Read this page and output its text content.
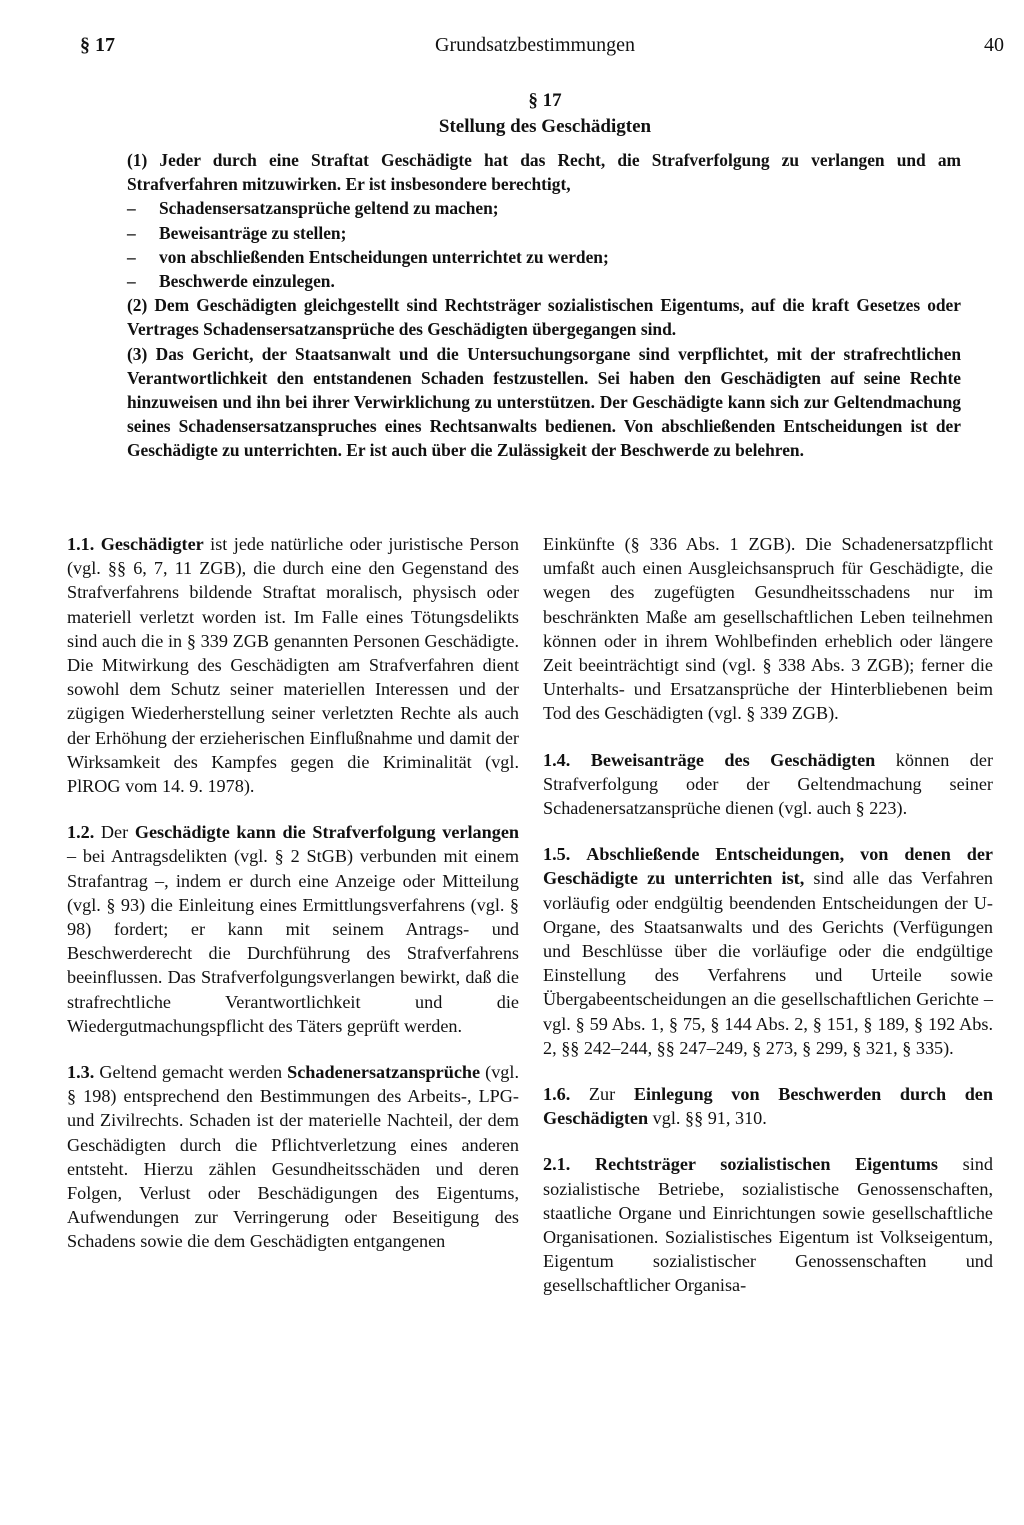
§ 17	Grundsatzbestimmungen	40
§ 17
Stellung des Geschädigten

(1) Jeder durch eine Straftat Geschädigte hat das Recht, die Strafverfolgung zu verlangen und am Strafverfahren mitzuwirken. Er ist insbesondere berechtigt,

–	Schadensersatzansprüche geltend zu machen;
–	Beweisanträge zu stellen;
–	von abschließenden Entscheidungen unterrichtet zu werden;
–	Beschwerde einzulegen.

(2) Dem Geschädigten gleichgestellt sind Rechtsträger sozialistischen Eigentums, auf die kraft Gesetzes oder Vertrages Schadensersatzansprüche des Geschädigten übergegangen sind.

(3) Das Gericht, der Staatsanwalt und die Untersuchungsorgane sind verpflichtet, mit der strafrechtlichen Verantwortlichkeit den entstandenen Schaden festzustellen. Sei haben den Geschädigten auf seine Rechte hinzuweisen und ihn bei ihrer Verwirklichung zu unterstützen. Der Geschädigte kann sich zur Geltendmachung seines Schadensersatzanspruches eines Rechtsanwalts bedienen. Von abschließenden Entscheidungen ist der Geschädigte zu unterrichten. Er ist auch über die Zulässigkeit der Beschwerde zu belehren.

1.1. Geschädigter ist jede natürliche oder juristische Person (vgl. §§ 6, 7, 11 ZGB), die durch eine den Gegenstand des Strafverfahrens bildende Straftat moralisch, physisch oder materiell verletzt worden ist. Im Falle eines Tötungsdelikts sind auch die in § 339 ZGB genannten Personen Geschädigte. Die Mitwirkung des Geschädigten am Strafverfahren dient sowohl dem Schutz seiner materiellen Interessen und der zügigen Wiederherstellung seiner verletzten Rechte als auch der Erhöhung der erzieherischen Einflußnahme und damit der Wirksamkeit des Kampfes gegen die Kriminalität (vgl. PlROG vom 14. 9. 1978).

1.2. Der Geschädigte kann die Strafverfolgung verlangen – bei Antragsdelikten (vgl. § 2 StGB) verbunden mit einem Strafantrag –, indem er durch eine Anzeige oder Mitteilung (vgl. § 93) die Einleitung eines Ermittlungsverfahrens (vgl. § 98) fordert; er kann mit seinem Antrags- und Beschwerderecht die Durchführung des Strafverfahrens beeinflussen. Das Strafverfolgungsverlangen bewirkt, daß die strafrechtliche Verantwortlichkeit und die Wiedergutmachungspflicht des Täters geprüft werden.

1.3. Geltend gemacht werden Schadenersatzansprüche (vgl. § 198) entsprechend den Bestimmungen des Arbeits-, LPG- und Zivilrechts. Schaden ist der materielle Nachteil, der dem Geschädigten durch die Pflichtverletzung eines anderen entsteht. Hierzu zählen Gesundheitsschäden und deren Folgen, Verlust oder Beschädigungen des Eigentums, Aufwendungen zur Verringerung oder Beseitigung des Schadens sowie die dem Geschädigten entgangenen

Einkünfte (§ 336 Abs. 1 ZGB). Die Schadenersatzpflicht umfaßt auch einen Ausgleichsanspruch für Geschädigte, die wegen des zugefügten Gesundheitsschadens nur im beschränkten Maße am gesellschaftlichen Leben teilnehmen können oder in ihrem Wohlbefinden erheblich oder längere Zeit beeinträchtigt sind (vgl. § 338 Abs. 3 ZGB); ferner die Unterhalts- und Ersatzansprüche der Hinterbliebenen beim Tod des Geschädigten (vgl. § 339 ZGB).

1.4. Beweisanträge des Geschädigten können der Strafverfolgung oder der Geltendmachung seiner Schadenersatzansprüche dienen (vgl. auch § 223).

1.5. Abschließende Entscheidungen, von denen der Geschädigte zu unterrichten ist, sind alle das Verfahren vorläufig oder endgültig beendenden Entscheidungen der U-Organe, des Staatsanwalts und des Gerichts (Verfügungen und Beschlüsse über die vorläufige oder die endgültige Einstellung des Verfahrens und Urteile sowie Übergabeentscheidungen an die gesellschaftlichen Gerichte – vgl. § 59 Abs. 1, § 75, § 144 Abs. 2, § 151, § 189, § 192 Abs. 2, §§ 242–244, §§ 247–249, § 273, § 299, § 321, § 335).

1.6. Zur Einlegung von Beschwerden durch den Geschädigten vgl. §§ 91, 310.

2.1. Rechtsträger sozialistischen Eigentums sind sozialistische Betriebe, sozialistische Genossenschaften, staatliche Organe und Einrichtungen sowie gesellschaftliche Organisationen. Sozialistisches Eigentum ist Volkseigentum, Eigentum sozialistischer Genossenschaften und gesellschaftlicher Organisa-
